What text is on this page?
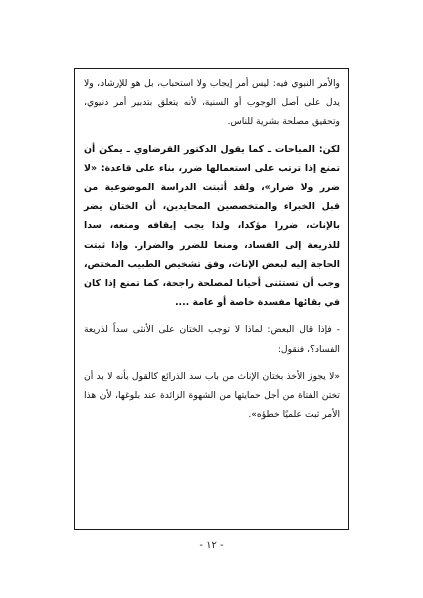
والأمر النبوي فيه: ليس أمر إيجاب ولا استحباب، بل هو للإرشاد، ولا يدل على أصل الوجوب أو السنية، لأنه يتعلق بتدبير أمر دنيوي، وتحقيق مصلحة بشرية للناس.

لكن: المباحات ـ كما يقول الدكتور القرضاوي ـ يمكن أن تمنع إذا ترتب على استعمالها ضرر، بناء على قاعدة: «لا ضرر ولا ضرار»، ولقد أثبتت الدراسة الموضوعية من قبل الخبراء والمتخصصين المحايدين، أن الختان يضر بالإناث، ضررا مؤكدا، ولذا يجب إيقافه ومنعه، سدا للذريعة إلى الفساد، ومنعا للضرر والضرار. وإذا ثبتت الحاجة إليه لبعض الإناث، وفق تشخيص الطبيب المختص، وجب أن تستثنى أحيانا لمصلحة راجحة، كما تمنع إذا كان في بقائها مفسدة خاصة أو عامة ....

- فإذا قال البعض: لماذا لا توجب الختان على الأنثى سداً لذريعة الفساد؟، فنقول:

«لا يجوز الأخذ بختان الإناث من باب سد الذرائع كالقول بأنه لا بد أن تختن الفتاة من أجل حمايتها من الشهوة الزائدة عند بلوغها، لأن هذا الأمر ثبت علميًا خطؤه».

- ١٢ -
